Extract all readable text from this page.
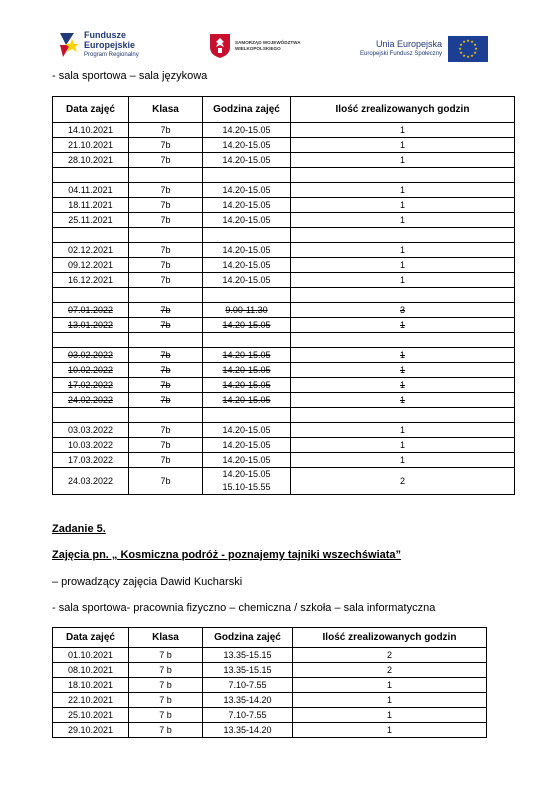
Fundusze
Europejskie
Program Regionalny
SAMORZĄD WOJEWÓDZTWA
WIELKOPOLSKIEGO	Unia Europejska
Europejski Fundusz Społeczny
★ ★
★
★
★
★
★
★
★
★
★
★
- sala sportowa – sala językowa
Data zajęć	Klasa	Godzina zajęć	Ilość zrealizowanych godzin
14.10.2021	7b	14.20-15.05	1
21.10.2021	7b	14.20-15.05	1
28.10.2021	7b	14.20-15.05	1

04.11.2021	7b	14.20-15.05	1
18.11.2021	7b	14.20-15.05	1
25.11.2021	7b	14.20-15.05	1

02.12.2021	7b	14.20-15.05	1
09.12.2021	7b	14.20-15.05	1
16.12.2021	7b	14.20-15.05	1

07.01.2022	7b	9.00-11.30	3
13.01.2022	7b	14.20-15.05	1

03.02.2022	7b	14.20-15.05	1
10.02.2022	7b	14.20-15.05	1
17.02.2022	7b	14.20-15.05	1
24.02.2022	7b	14.20-15.05	1

03.03.2022	7b	14.20-15.05	1
10.03.2022	7b	14.20-15.05	1
17.03.2022	7b	14.20-15.05	1
24.03.2022	7b	14.20-15.05
15.10-15.55	2
Zadanie 5.
Zajęcia pn. „ Kosmiczna podróż - poznajemy tajniki wszechświata”
– prowadzący zajęcia Dawid Kucharski
- sala sportowa- pracownia fizyczno – chemiczna / szkoła – sala informatyczna
Data zajęć	Klasa	Godzina zajęć	Ilość zrealizowanych godzin
01.10.2021	7 b	13.35-15.15	2
08.10.2021	7 b	13.35-15.15	2
18.10.2021	7 b	7.10-7.55	1
22.10.2021	7 b	13.35-14.20	1
25.10.2021	7 b	7.10-7.55	1
29.10.2021	7 b	13.35-14.20	1
